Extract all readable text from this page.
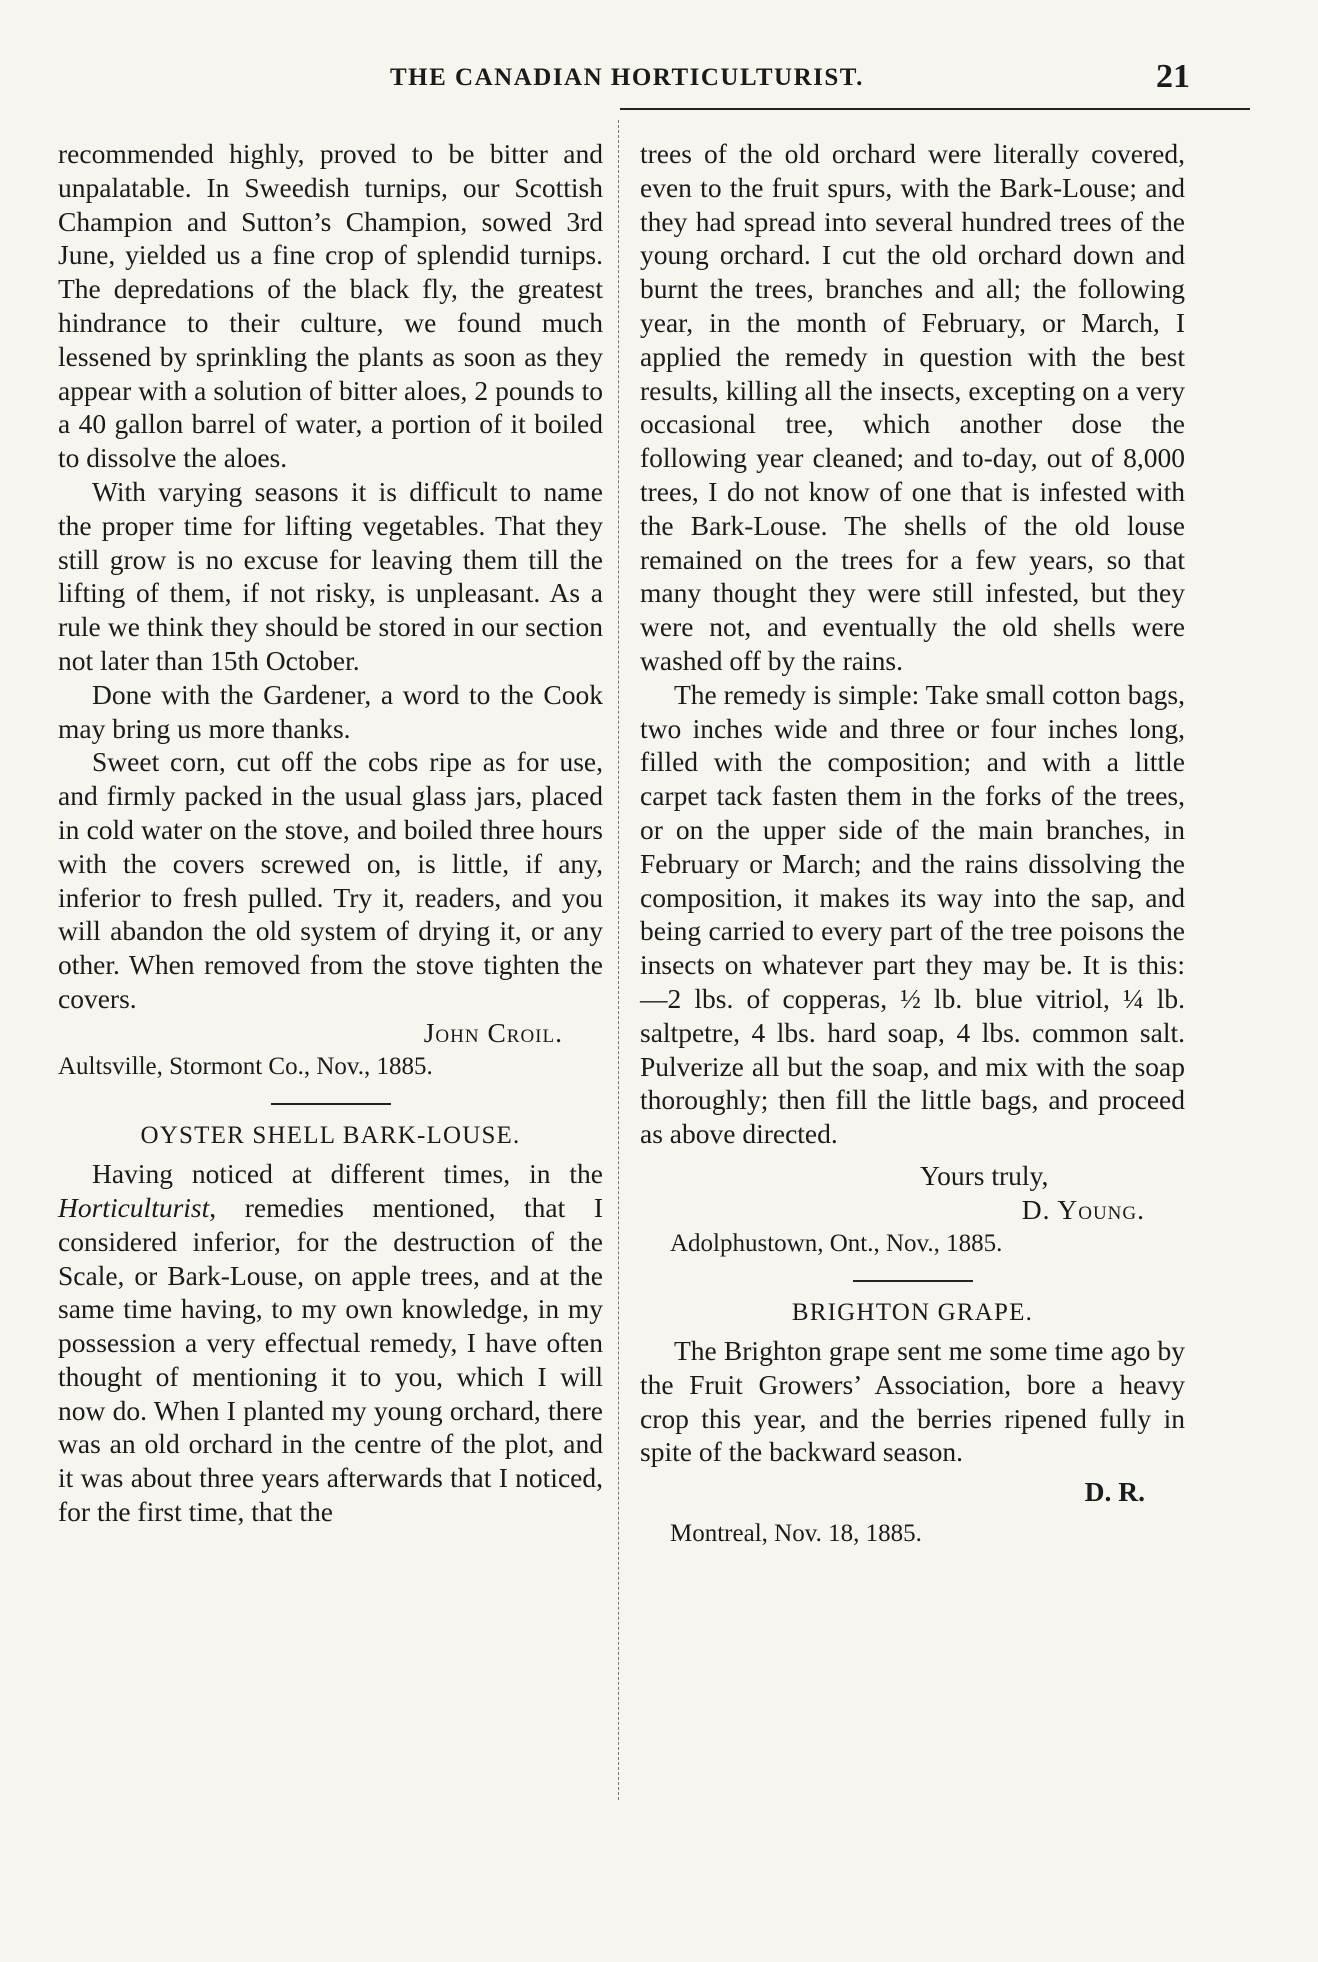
THE CANADIAN HORTICULTURIST.	21

recommended highly, proved to be bitter and unpalatable. In Sweedish turnips, our Scottish Champion and Sutton’s Champion, sowed 3rd June, yielded us a fine crop of splendid turnips. The depredations of the black fly, the greatest hindrance to their culture, we found much lessened by sprinkling the plants as soon as they appear with a solution of bitter aloes, 2 pounds to a 40 gallon barrel of water, a portion of it boiled to dissolve the aloes.

With varying seasons it is difficult to name the proper time for lifting vegetables. That they still grow is no excuse for leaving them till the lifting of them, if not risky, is unpleasant. As a rule we think they should be stored in our section not later than 15th October.

Done with the Gardener, a word to the Cook may bring us more thanks.

Sweet corn, cut off the cobs ripe as for use, and firmly packed in the usual glass jars, placed in cold water on the stove, and boiled three hours with the covers screwed on, is little, if any, inferior to fresh pulled. Try it, readers, and you will abandon the old system of drying it, or any other. When removed from the stove tighten the covers.

John Croil.

Aultsville, Stormont Co., Nov., 1885.

OYSTER SHELL BARK-LOUSE.

Having noticed at different times, in the Horticulturist, remedies mentioned, that I considered inferior, for the destruction of the Scale, or Bark-Louse, on apple trees, and at the same time having, to my own knowledge, in my possession a very effectual remedy, I have often thought of mentioning it to you, which I will now do. When I planted my young orchard, there was an old orchard in the centre of the plot, and it was about three years afterwards that I noticed, for the first time, that the

trees of the old orchard were literally covered, even to the fruit spurs, with the Bark-Louse; and they had spread into several hundred trees of the young orchard. I cut the old orchard down and burnt the trees, branches and all; the following year, in the month of February, or March, I applied the remedy in question with the best results, killing all the insects, excepting on a very occasional tree, which another dose the following year cleaned; and to-day, out of 8,000 trees, I do not know of one that is infested with the Bark-Louse. The shells of the old louse remained on the trees for a few years, so that many thought they were still infested, but they were not, and eventually the old shells were washed off by the rains.

The remedy is simple: Take small cotton bags, two inches wide and three or four inches long, filled with the composition; and with a little carpet tack fasten them in the forks of the trees, or on the upper side of the main branches, in February or March; and the rains dissolving the composition, it makes its way into the sap, and being carried to every part of the tree poisons the insects on whatever part they may be. It is this:—2 lbs. of copperas, ½ lb. blue vitriol, ¼ lb. saltpetre, 4 lbs. hard soap, 4 lbs. common salt. Pulverize all but the soap, and mix with the soap thoroughly; then fill the little bags, and proceed as above directed.

Yours truly,

D. Young.

Adolphustown, Ont., Nov., 1885.

BRIGHTON GRAPE.

The Brighton grape sent me some time ago by the Fruit Growers’ Association, bore a heavy crop this year, and the berries ripened fully in spite of the backward season.

D. R.

Montreal, Nov. 18, 1885.
